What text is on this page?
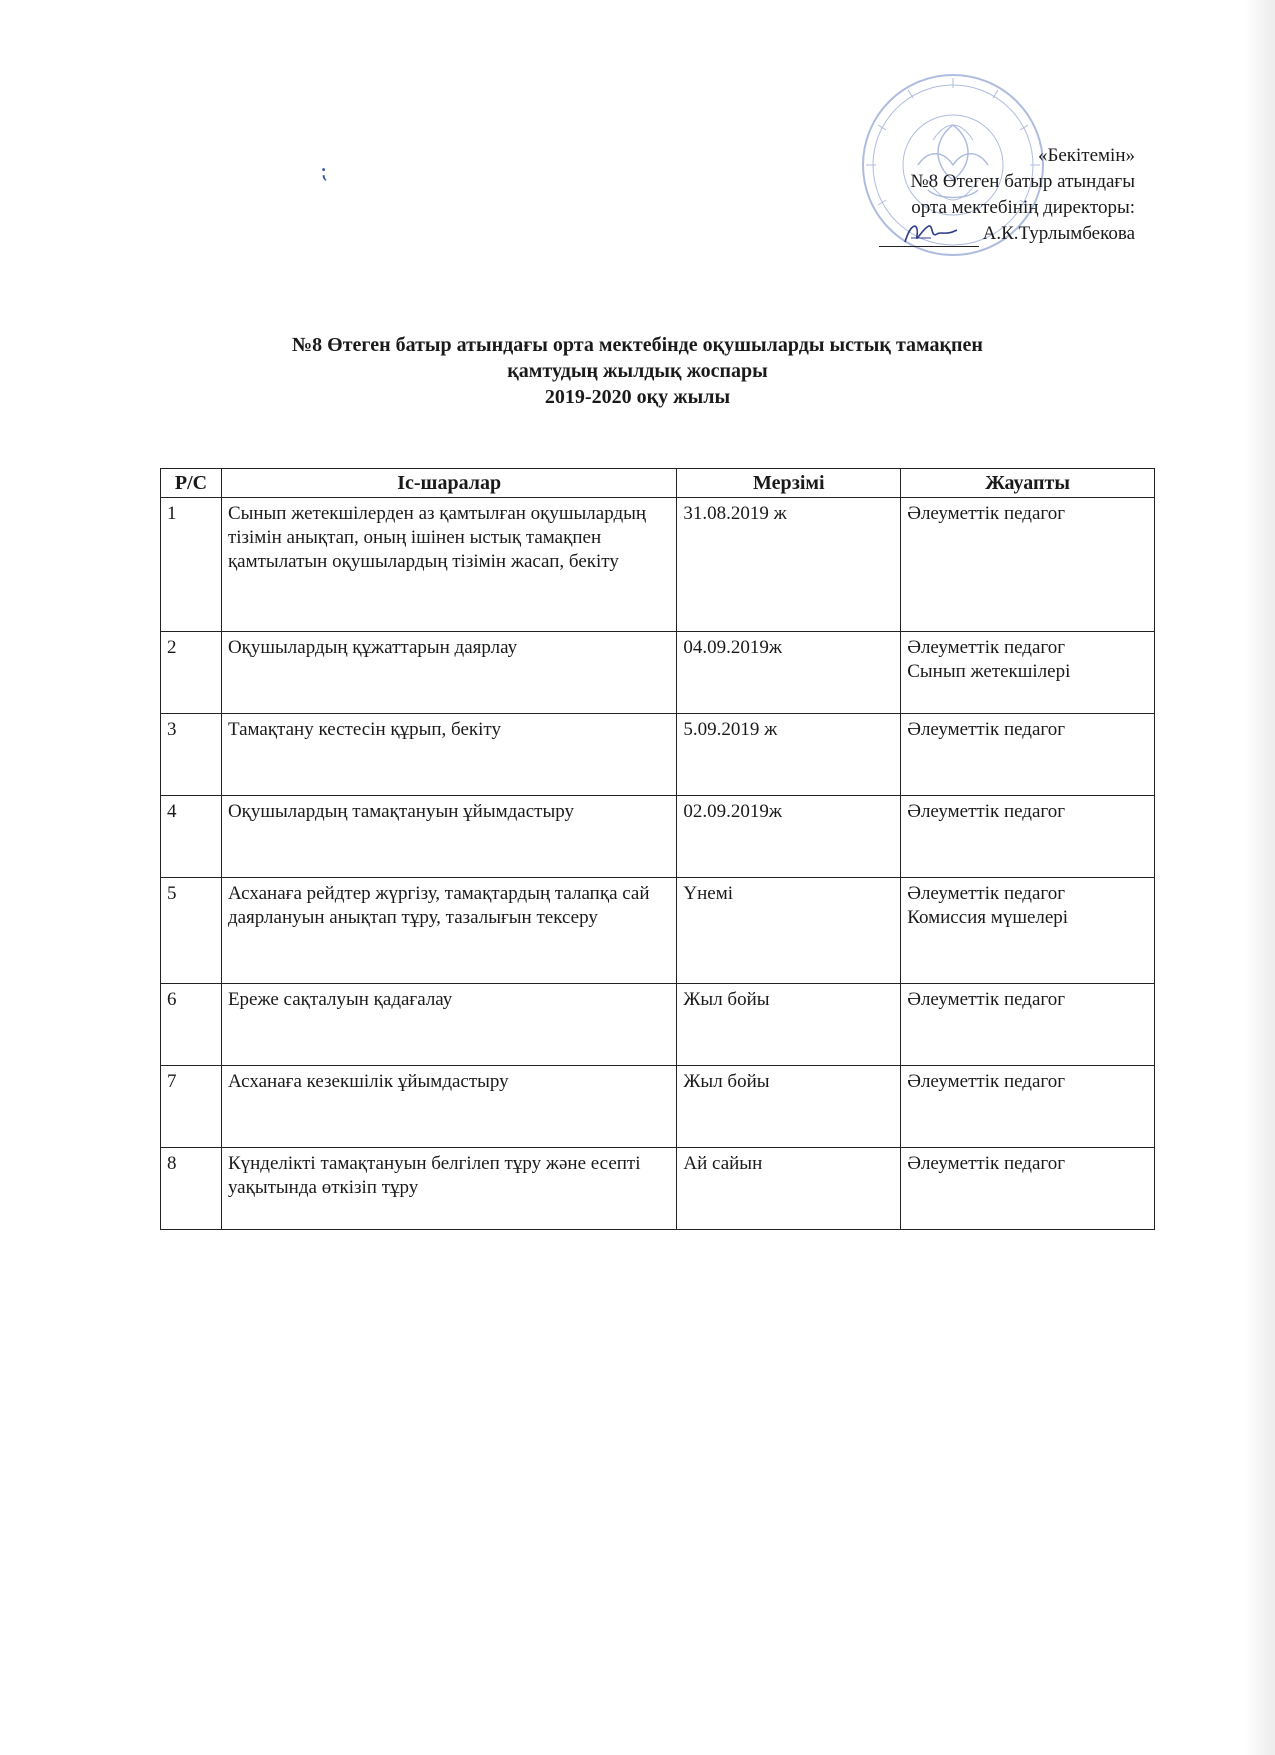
⁏
«Бекітемін»
№8 Өтеген батыр атындағы
орта мектебінің директоры:
А.К.Турлымбекова
№8 Өтеген батыр атындағы орта мектебінде оқушыларды ыстық тамақпен
қамтудың жылдық жоспары
2019-2020 оқу жылы
Р/С	Іс-шаралар	Мерзімі	Жауапты
1	Сынып жетекшілерден аз қамтылған оқушылардың тізімін анықтап, оның ішінен ыстық тамақпен қамтылатын оқушылардың тізімін жасап, бекіту	31.08.2019 ж	Әлеуметтік педагог

2	Оқушылардың құжаттарын даярлау	04.09.2019ж	Әлеуметтік педагог
Сынып жетекшілері

3	Тамақтану кестесін құрып, бекіту	5.09.2019 ж	Әлеуметтік педагог

4	Оқушылардың тамақтануын ұйымдастыру	02.09.2019ж	Әлеуметтік педагог

5	Асханаға рейдтер жүргізу, тамақтардың талапқа сай даярлануын анықтап тұру, тазалығын тексеру	Үнемі	Әлеуметтік педагог
Комиссия мүшелері

6	Ереже сақталуын қадағалау	Жыл бойы	Әлеуметтік педагог

7	Асханаға кезекшілік ұйымдастыру	Жыл бойы	Әлеуметтік педагог

8	Күнделікті тамақтануын белгілеп тұру және есепті уақытында өткізіп тұру	Ай сайын	Әлеуметтік педагог
